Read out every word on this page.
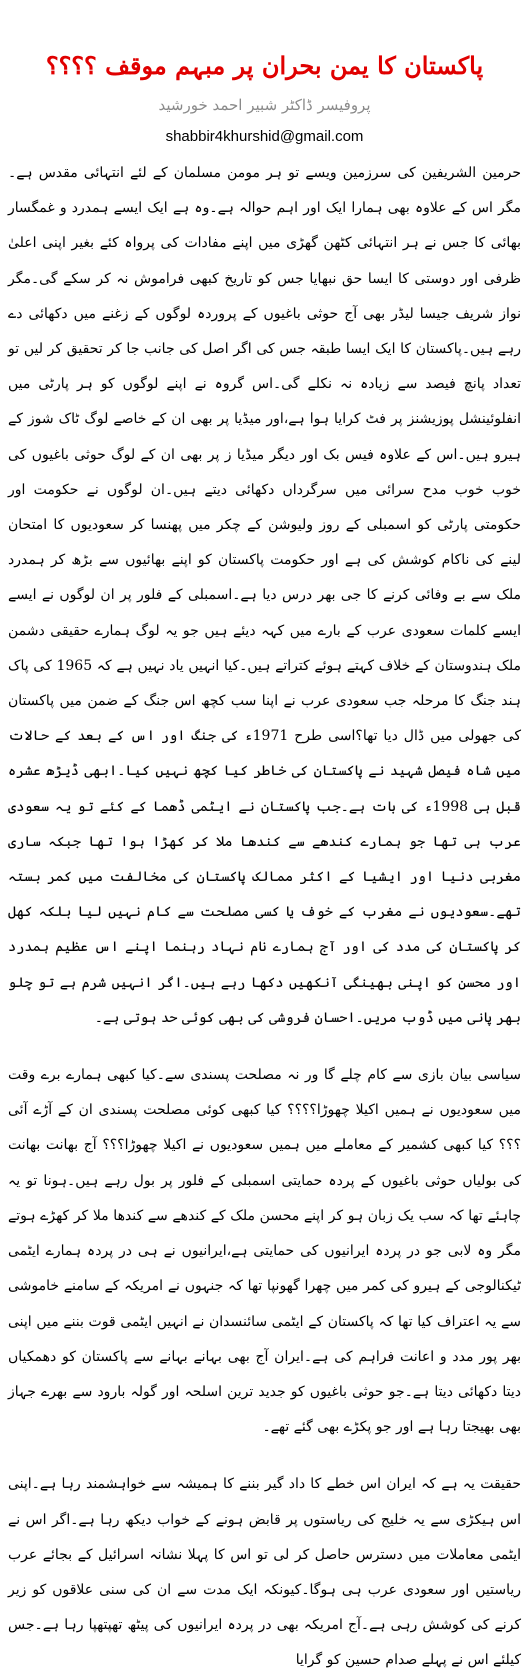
پاکستان کا یمن بحران پر مبہم موقف ؟؟؟؟
پروفیسر ڈاکٹر شبیر احمد خورشید
shabbir4khurshid@gmail.com

حرمین الشریفین کی سرزمین ویسے تو ہر مومن مسلمان کے لئے انتہائی مقدس ہے۔مگر اس کے علاوہ بھی ہمارا ایک اور اہم حوالہ ہے۔وہ ہے ایک ایسے ہمدرد و غمگسار بھائی کا جس نے ہر انتہائی کٹھن گھڑی میں اپنے مفادات کی پرواہ کئے بغیر اپنی اعلیٰ ظرفی اور دوستی کا ایسا حق نبھایا جس کو تاریخ کبھی فراموش نہ کر سکے گی۔مگر نواز شریف جیسا لیڈر بھی آج حوثی باغیوں کے پروردہ لوگوں کے زغنے میں دکھائی دے رہے ہیں۔پاکستان کا ایک ایسا طبقہ جس کی اگر اصل کی جانب جا کر تحقیق کر لیں تو تعداد پانچ فیصد سے زیادہ نہ نکلے گی۔اس گروہ نے اپنے لوگوں کو ہر پارٹی میں انفلوئینشل پوزیشنز پر فٹ کرایا ہوا ہے،اور میڈیا پر بھی ان کے خاصے لوگ ٹاک شوز کے ہیرو ہیں۔اس کے علاوہ فیس بک اور دیگر میڈیا ز پر بھی ان کے لوگ حوثی باغیوں کی خوب خوب مدح سرائی میں سرگرداں دکھائی دیتے ہیں۔ان لوگوں نے حکومت اور حکومتی پارٹی کو اسمبلی کے روز ولیوشن کے چکر میں پھنسا کر سعودیوں کا امتحان لینے کی ناکام کوشش کی ہے اور حکومت پاکستان کو اپنے بھائیوں سے بڑھ کر ہمدرد ملک سے بے وفائی کرنے کا جی بھر درس دیا ہے۔اسمبلی کے فلور پر ان لوگوں نے ایسے ایسے کلمات سعودی عرب کے بارے میں کہہ دیئے ہیں جو یہ لوگ ہمارے حقیقی دشمن ملک ہندوستان کے خلاف کہتے ہوئے کتراتے ہیں۔کیا انہیں یاد نہیں ہے کہ 1965 کی پاک ہند جنگ کا مرحلہ جب سعودی عرب نے اپنا سب کچھ اس جنگ کے ضمن میں پاکستان کی جھولی میں ڈال دیا تھا؟اسی طرح 1971ء کی جنگ اور اس کے بعد کے حالات میں شاہ فیصل شہید نے پاکستان کی خاطر کیا کچھ نہیں کیا۔ابھی ڈیڑھ عشرہ قبل ہی 1998ء کی بات ہے۔جب پاکستان نے ایٹمی ڈھما کے کئے تو یہ سعودی عرب ہی تھا جو ہمارے کندھے سے کندھا ملا کر کھڑا ہوا تھا جبکہ ساری مغربی دنیا اور ایشیا کے اکثر ممالک پاکستان کی مخالفت میں کمر بستہ تھے۔سعودیوں نے مغرب کے خوف یا کسی مصلحت سے کام نہیں لیا بلکہ کھل کر پاکستان کی مدد کی اور آج ہمارے نام نہاد رہنما اپنے اس عظیم ہمدرد اور محسن کو اپنی بھینگی آنکھیں دکھا رہے ہیں۔اگر انہیں شرم ہے تو چلو بھر پانی میں ڈوب مریں۔احسان فروشی کی بھی کوئی حد ہوتی ہے۔

سیاسی بیان بازی سے کام چلے گا ور نہ مصلحت پسندی سے۔کیا کبھی ہمارے برے وقت میں سعودیوں نے ہمیں اکیلا چھوڑا؟؟؟؟ کیا کبھی کوئی مصلحت پسندی ان کے آڑے آئی ؟؟؟ کیا کبھی کشمیر کے معاملے میں ہمیں سعودیوں نے اکیلا چھوڑا؟؟؟ آج بھانت بھانت کی بولیاں حوثی باغیوں کے پردہ حمایتی اسمبلی کے فلور پر بول رہے ہیں۔ہونا تو یہ چاہئے تھا کہ سب یک زبان ہو کر اپنے محسن ملک کے کندھے سے کندھا ملا کر کھڑے ہوتے مگر وہ لابی جو در پردہ ایرانیوں کی حمایتی ہے،ایرانیوں نے ہی در پردہ ہمارے ایٹمی ٹیکنالوجی کے ہیرو کی کمر میں چھرا گھونپا تھا کہ جنہوں نے امریکہ کے سامنے خاموشی سے یہ اعتراف کیا تھا کہ پاکستان کے ایٹمی سائنسدان نے انہیں ایٹمی قوت بننے میں اپنی بھر پور مدد و اعانت فراہم کی ہے۔ایران آج بھی بہانے بہانے سے پاکستان کو دھمکیاں دیتا دکھائی دیتا ہے۔جو حوثی باغیوں کو جدید ترین اسلحہ اور گولہ بارود سے بھرے جہاز بھی بھیجتا رہا ہے اور جو پکڑے بھی گئے تھے۔

حقیقت یہ ہے کہ ایران اس خطے کا داد گیر بننے کا ہمیشہ سے خواہشمند رہا ہے۔اپنی اس ہیکڑی سے یہ خلیج کی ریاستوں پر قابض ہونے کے خواب دیکھ رہا ہے۔اگر اس نے ایٹمی معاملات میں دسترس حاصل کر لی تو اس کا پہلا نشانہ اسرائیل کے بجائے عرب ریاستیں اور سعودی عرب ہی ہوگا۔کیونکہ ایک مدت سے ان کی سنی علاقوں کو زیر کرنے کی کوشش رہی ہے۔آج امریکہ بھی در پردہ ایرانیوں کی پیٹھ تھپتھپا رہا ہے۔جس کیلئے اس نے پہلے صدام حسین کو گرایا
